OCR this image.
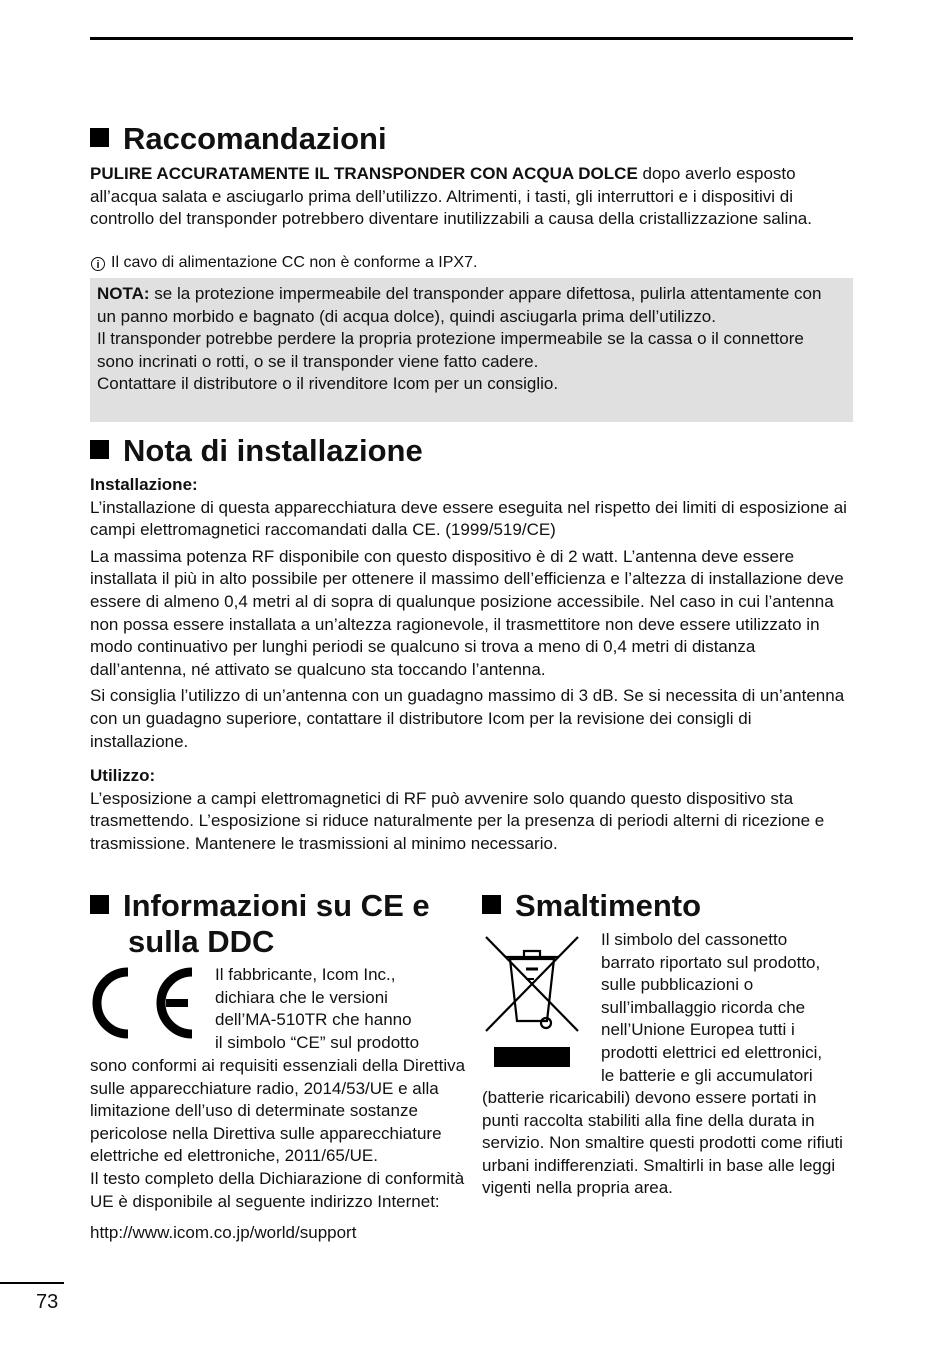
Raccomandazioni

PULIRE ACCURATAMENTE IL TRANSPONDER CON ACQUA DOLCE dopo averlo esposto all’acqua salata e asciugarlo prima dell’utilizzo. Altrimenti, i tasti, gli interruttori e i dispositivi di controllo del transponder potrebbero diventare inutilizzabili a causa della cristallizzazione salina.

i Il cavo di alimentazione CC non è conforme a IPX7.
NOTA: se la protezione impermeabile del transponder appare difettosa, pulirla attentamente con un panno morbido e bagnato (di acqua dolce), quindi asciugarla prima dell’utilizzo.
Il transponder potrebbe perdere la propria protezione impermeabile se la cassa o il connettore sono incrinati o rotti, o se il transponder viene fatto cadere.
Contattare il distributore o il rivenditore Icom per un consiglio.
Nota di installazione

Installazione:

L’installazione di questa apparecchiatura deve essere eseguita nel rispetto dei limiti di esposizione ai campi elettromagnetici raccomandati dalla CE. (1999/519/CE)

La massima potenza RF disponibile con questo dispositivo è di 2 watt. L’antenna deve essere installata il più in alto possibile per ottenere il massimo dell’efficienza e l’altezza di installazione deve essere di almeno 0,4 metri al di sopra di qualunque posizione accessibile. Nel caso in cui l’antenna non possa essere installata a un’altezza ragionevole, il trasmettitore non deve essere utilizzato in modo continuativo per lunghi periodi se qualcuno si trova a meno di 0,4 metri di distanza dall’antenna, né attivato se qualcuno sta toccando l’antenna.

Si consiglia l’utilizzo di un’antenna con un guadagno massimo di 3 dB. Se si necessita di un’antenna con un guadagno superiore, contattare il distributore Icom per la revisione dei consigli di installazione.

Utilizzo:

L’esposizione a campi elettromagnetici di RF può avvenire solo quando questo dispositivo sta trasmettendo. L’esposizione si riduce naturalmente per la presenza di periodi alterni di ricezione e trasmissione. Mantenere le trasmissioni al minimo necessario.

Informazioni su CE e
sulla DDC

Il fabbricante, Icom Inc.,

dichiara che le versioni

dell’MA-510TR che hanno

il simbolo “CE” sul prodotto

sono conformi ai requisiti essenziali della Direttiva sulle apparecchiature radio, 2014/53/UE e alla limitazione dell’uso di determinate sostanze pericolose nella Direttiva sulle apparecchiature elettriche ed elettroniche, 2011/65/UE.

Il testo completo della Dichiarazione di conformità UE è disponibile al seguente indirizzo Internet:

http://www.icom.co.jp/world/support

Smaltimento

Il simbolo del cassonetto

barrato riportato sul prodotto,

sulle pubblicazioni o

sull’imballaggio ricorda che

nell’Unione Europea tutti i

prodotti elettrici ed elettronici,

le batterie e gli accumulatori

(batterie ricaricabili) devono essere portati in punti raccolta stabiliti alla fine della durata in servizio. Non smaltire questi prodotti come rifiuti urbani indifferenziati. Smaltirli in base alle leggi vigenti nella propria area.

73
